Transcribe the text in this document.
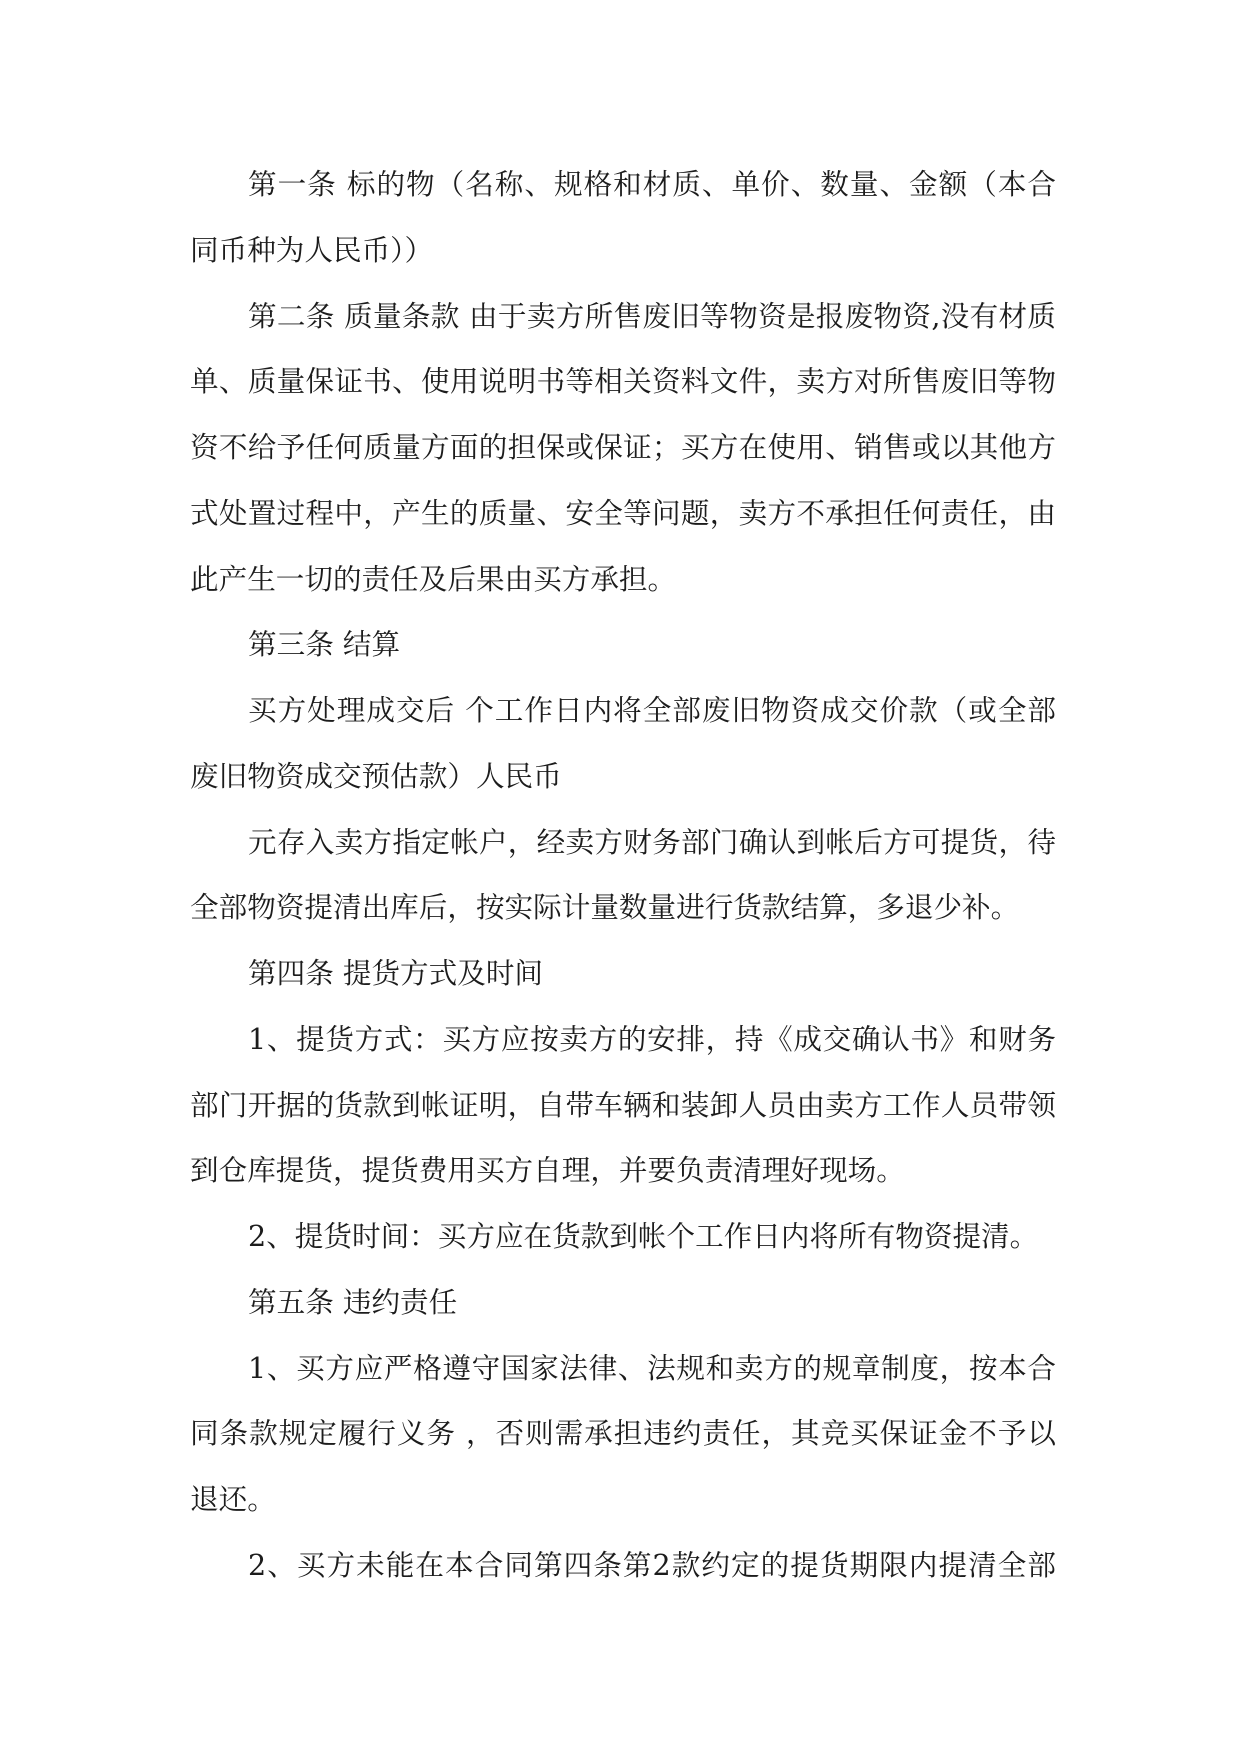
第一条 标的物（名称、规格和材质、单价、数量、金额（本合
同币种为人民币））
第二条 质量条款 由于卖方所售废旧等物资是报废物资,没有材质
单、质量保证书、使用说明书等相关资料文件，卖方对所售废旧等物
资不给予任何质量方面的担保或保证；买方在使用、销售或以其他方
式处置过程中，产生的质量、安全等问题，卖方不承担任何责任，由
此产生一切的责任及后果由买方承担。
第三条 结算
买方处理成交后 个工作日内将全部废旧物资成交价款（或全部
废旧物资成交预估款）人民币
元存入卖方指定帐户，经卖方财务部门确认到帐后方可提货，待
全部物资提清出库后，按实际计量数量进行货款结算，多退少补。
第四条 提货方式及时间
1、提货方式：买方应按卖方的安排，持《成交确认书》和财务
部门开据的货款到帐证明，自带车辆和装卸人员由卖方工作人员带领
到仓库提货，提货费用买方自理，并要负责清理好现场。
2、提货时间：买方应在货款到帐个工作日内将所有物资提清。
第五条 违约责任
1、买方应严格遵守国家法律、法规和卖方的规章制度，按本合
同条款规定履行义务 ，否则需承担违约责任，其竞买保证金不予以
退还。
2、买方未能在本合同第四条第2款约定的提货期限内提清全部
